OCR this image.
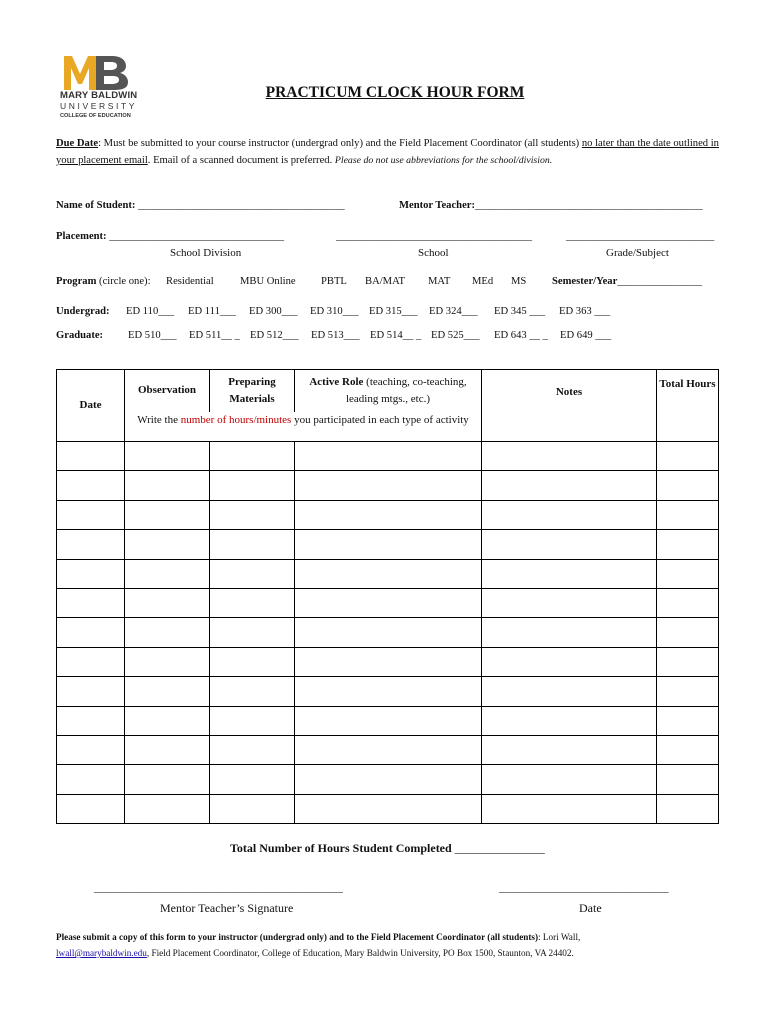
MARY BALDWIN
UNIVERSITY
COLLEGE OF EDUCATION
PRACTICUM CLOCK HOUR FORM
Due Date: Must be submitted to your course instructor (undergrad only) and the Field Placement Coordinator (all students) no later than the date outlined in your placement email. Email of a scanned document is preferred. Please do not use abbreviations for the school/division.
Name of Student: _______________________________________	Mentor Teacher:___________________________________________
Placement: _________________________________	_____________________________________	____________________________
School Division	School	Grade/Subject
Program (circle one): Residential MBU Online PBTL BA/MAT MAT MEd MS Semester/Year________________
Undergrad: ED 110___ ED 111___ ED 300___ ED 310___ ED 315___ ED 324___ ED 345 ___ ED 363 ___
Graduate: ED 510___ ED 511__ _ ED 512___ ED 513___ ED 514__ _ ED 525___ ED 643 __ _ ED 649 ___
Date	Observation	Preparing Materials	Active Role (teaching, co-teaching, leading mtgs., etc.)	Notes	Total Hours
	Write the number of hours/minutes you participated in each type of activity				

Total Number of Hours Student Completed _______________
_______________________________________________
Mentor Teacher’s Signature
________________________________
Date
Please submit a copy of this form to your instructor (undergrad only) and to the Field Placement Coordinator (all students): Lori Wall,
lwall@marybaldwin.edu, Field Placement Coordinator, College of Education, Mary Baldwin University, PO Box 1500, Staunton, VA 24402.
